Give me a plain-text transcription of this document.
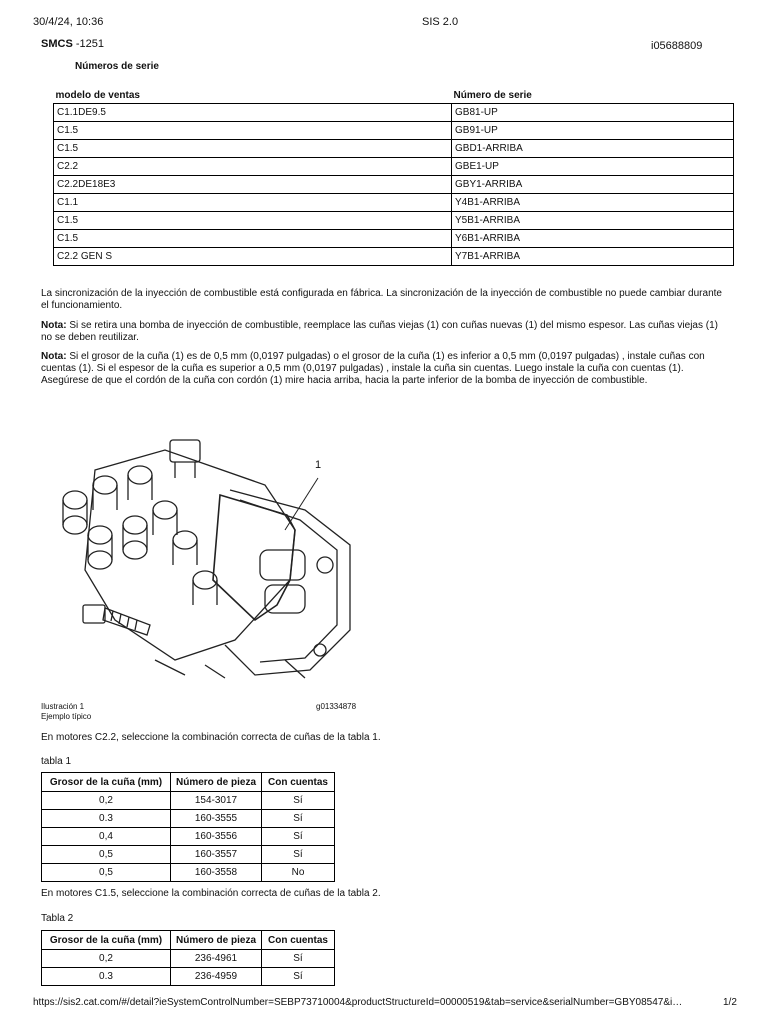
30/4/24, 10:36	SIS 2.0
SMCS -1251	i05688809
Números de serie
modelo de ventas	Número de serie
C1.1DE9.5	GB81-UP
C1.5	GB91-UP
C1.5	GBD1-ARRIBA
C2.2	GBE1-UP
C2.2DE18E3	GBY1-ARRIBA
C1.1	Y4B1-ARRIBA
C1.5	Y5B1-ARRIBA
C1.5	Y6B1-ARRIBA
C2.2 GEN S	Y7B1-ARRIBA
La sincronización de la inyección de combustible está configurada en fábrica. La sincronización de la inyección de combustible no puede cambiar durante el funcionamiento.
Nota: Si se retira una bomba de inyección de combustible, reemplace las cuñas viejas (1) con cuñas nuevas (1) del mismo espesor. Las cuñas viejas (1) no se deben reutilizar.
Nota: Si el grosor de la cuña (1) es de 0,5 mm (0,0197 pulgadas) o el grosor de la cuña (1) es inferior a 0,5 mm (0,0197 pulgadas) , instale cuñas con cuentas (1). Si el espesor de la cuña es superior a 0,5 mm (0,0197 pulgadas) , instale la cuña sin cuentas. Luego instale la cuña con cuentas (1). Asegúrese de que el cordón de la cuña con cordón (1) mire hacia arriba, hacia la parte inferior de la bomba de inyección de combustible.
1
Ilustración 1
Ejemplo típico
g01334878
En motores C2.2, seleccione la combinación correcta de cuñas de la tabla 1.
tabla 1
Grosor de la cuña (mm)	Número de pieza	Con cuentas
0,2	154-3017	Sí
0.3	160-3555	Sí
0,4	160-3556	Sí
0,5	160-3557	Sí
0,5	160-3558	No
En motores C1.5, seleccione la combinación correcta de cuñas de la tabla 2.
Tabla 2
Grosor de la cuña (mm)	Número de pieza	Con cuentas
0,2	236-4961	Sí
0.3	236-4959	Sí
https://sis2.cat.com/#/detail?ieSystemControlNumber=SEBP73710004&productStructureId=00000519&tab=service&serialNumber=GBY08547&i…	1/2
